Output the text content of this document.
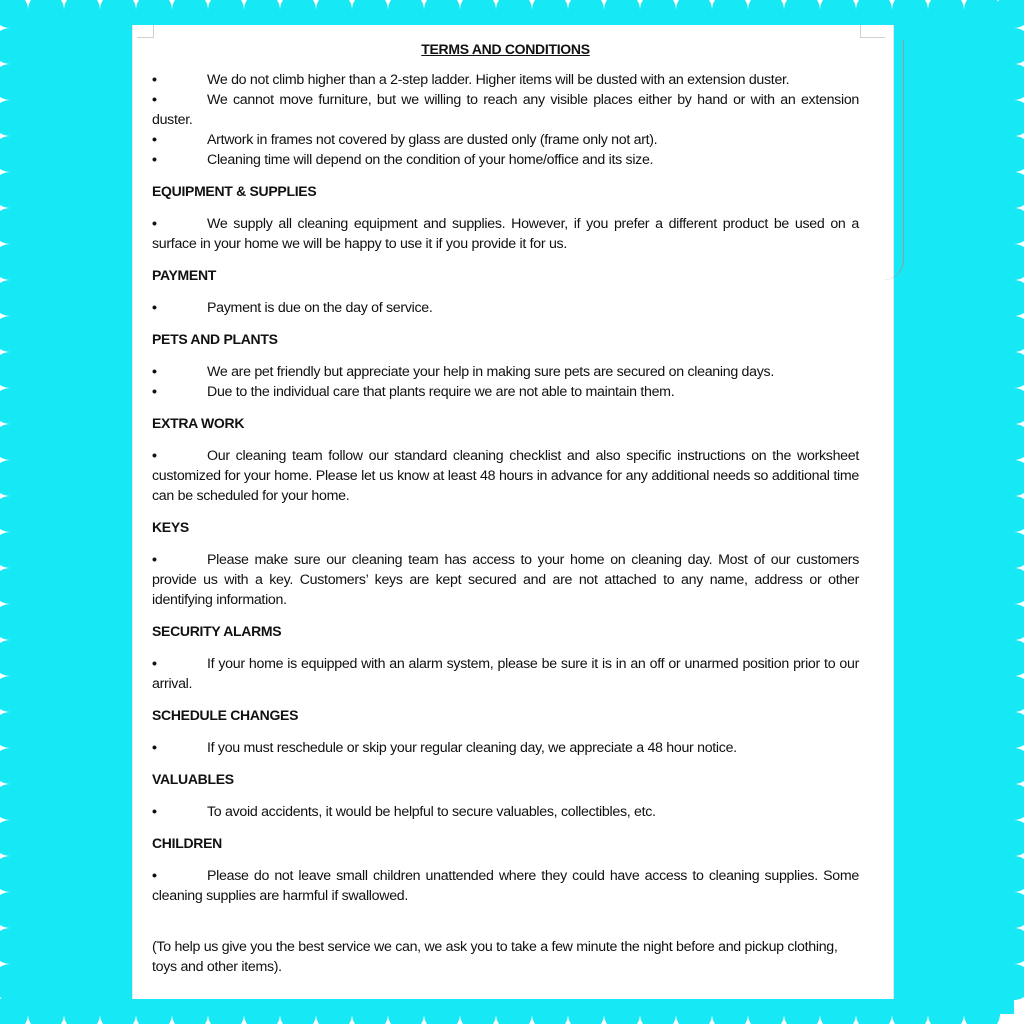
TERMS AND CONDITIONS

•	We do not climb higher than a 2-step ladder. Higher items will be dusted with an extension duster.

•	We cannot move furniture, but we willing to reach any visible places either by hand or with an extension duster.

•	Artwork in frames not covered by glass are dusted only (frame only not art).

•	Cleaning time will depend on the condition of your home/office and its size.

EQUIPMENT & SUPPLIES

•	We supply all cleaning equipment and supplies. However, if you prefer a different product be used on a surface in your home we will be happy to use it if you provide it for us.

PAYMENT

•	Payment is due on the day of service.

PETS AND PLANTS

•	We are pet friendly but appreciate your help in making sure pets are secured on cleaning days.

•	Due to the individual care that plants require we are not able to maintain them.

EXTRA WORK

•	Our cleaning team follow our standard cleaning checklist and also specific instructions on the worksheet customized for your home. Please let us know at least 48 hours in advance for any additional needs so additional time can be scheduled for your home.

KEYS

•	Please make sure our cleaning team has access to your home on cleaning day. Most of our customers provide us with a key. Customers’ keys are kept secured and are not attached to any name, address or other identifying information.

SECURITY ALARMS

•	If your home is equipped with an alarm system, please be sure it is in an off or unarmed position prior to our arrival.

SCHEDULE CHANGES

•	If you must reschedule or skip your regular cleaning day, we appreciate a 48 hour notice.

VALUABLES

•	To avoid accidents, it would be helpful to secure valuables, collectibles, etc.

CHILDREN

•	Please do not leave small children unattended where they could have access to cleaning supplies. Some cleaning supplies are harmful if swallowed.

(To help us give you the best service we can, we ask you to take a few minute the night before and pickup clothing, toys and other items).
